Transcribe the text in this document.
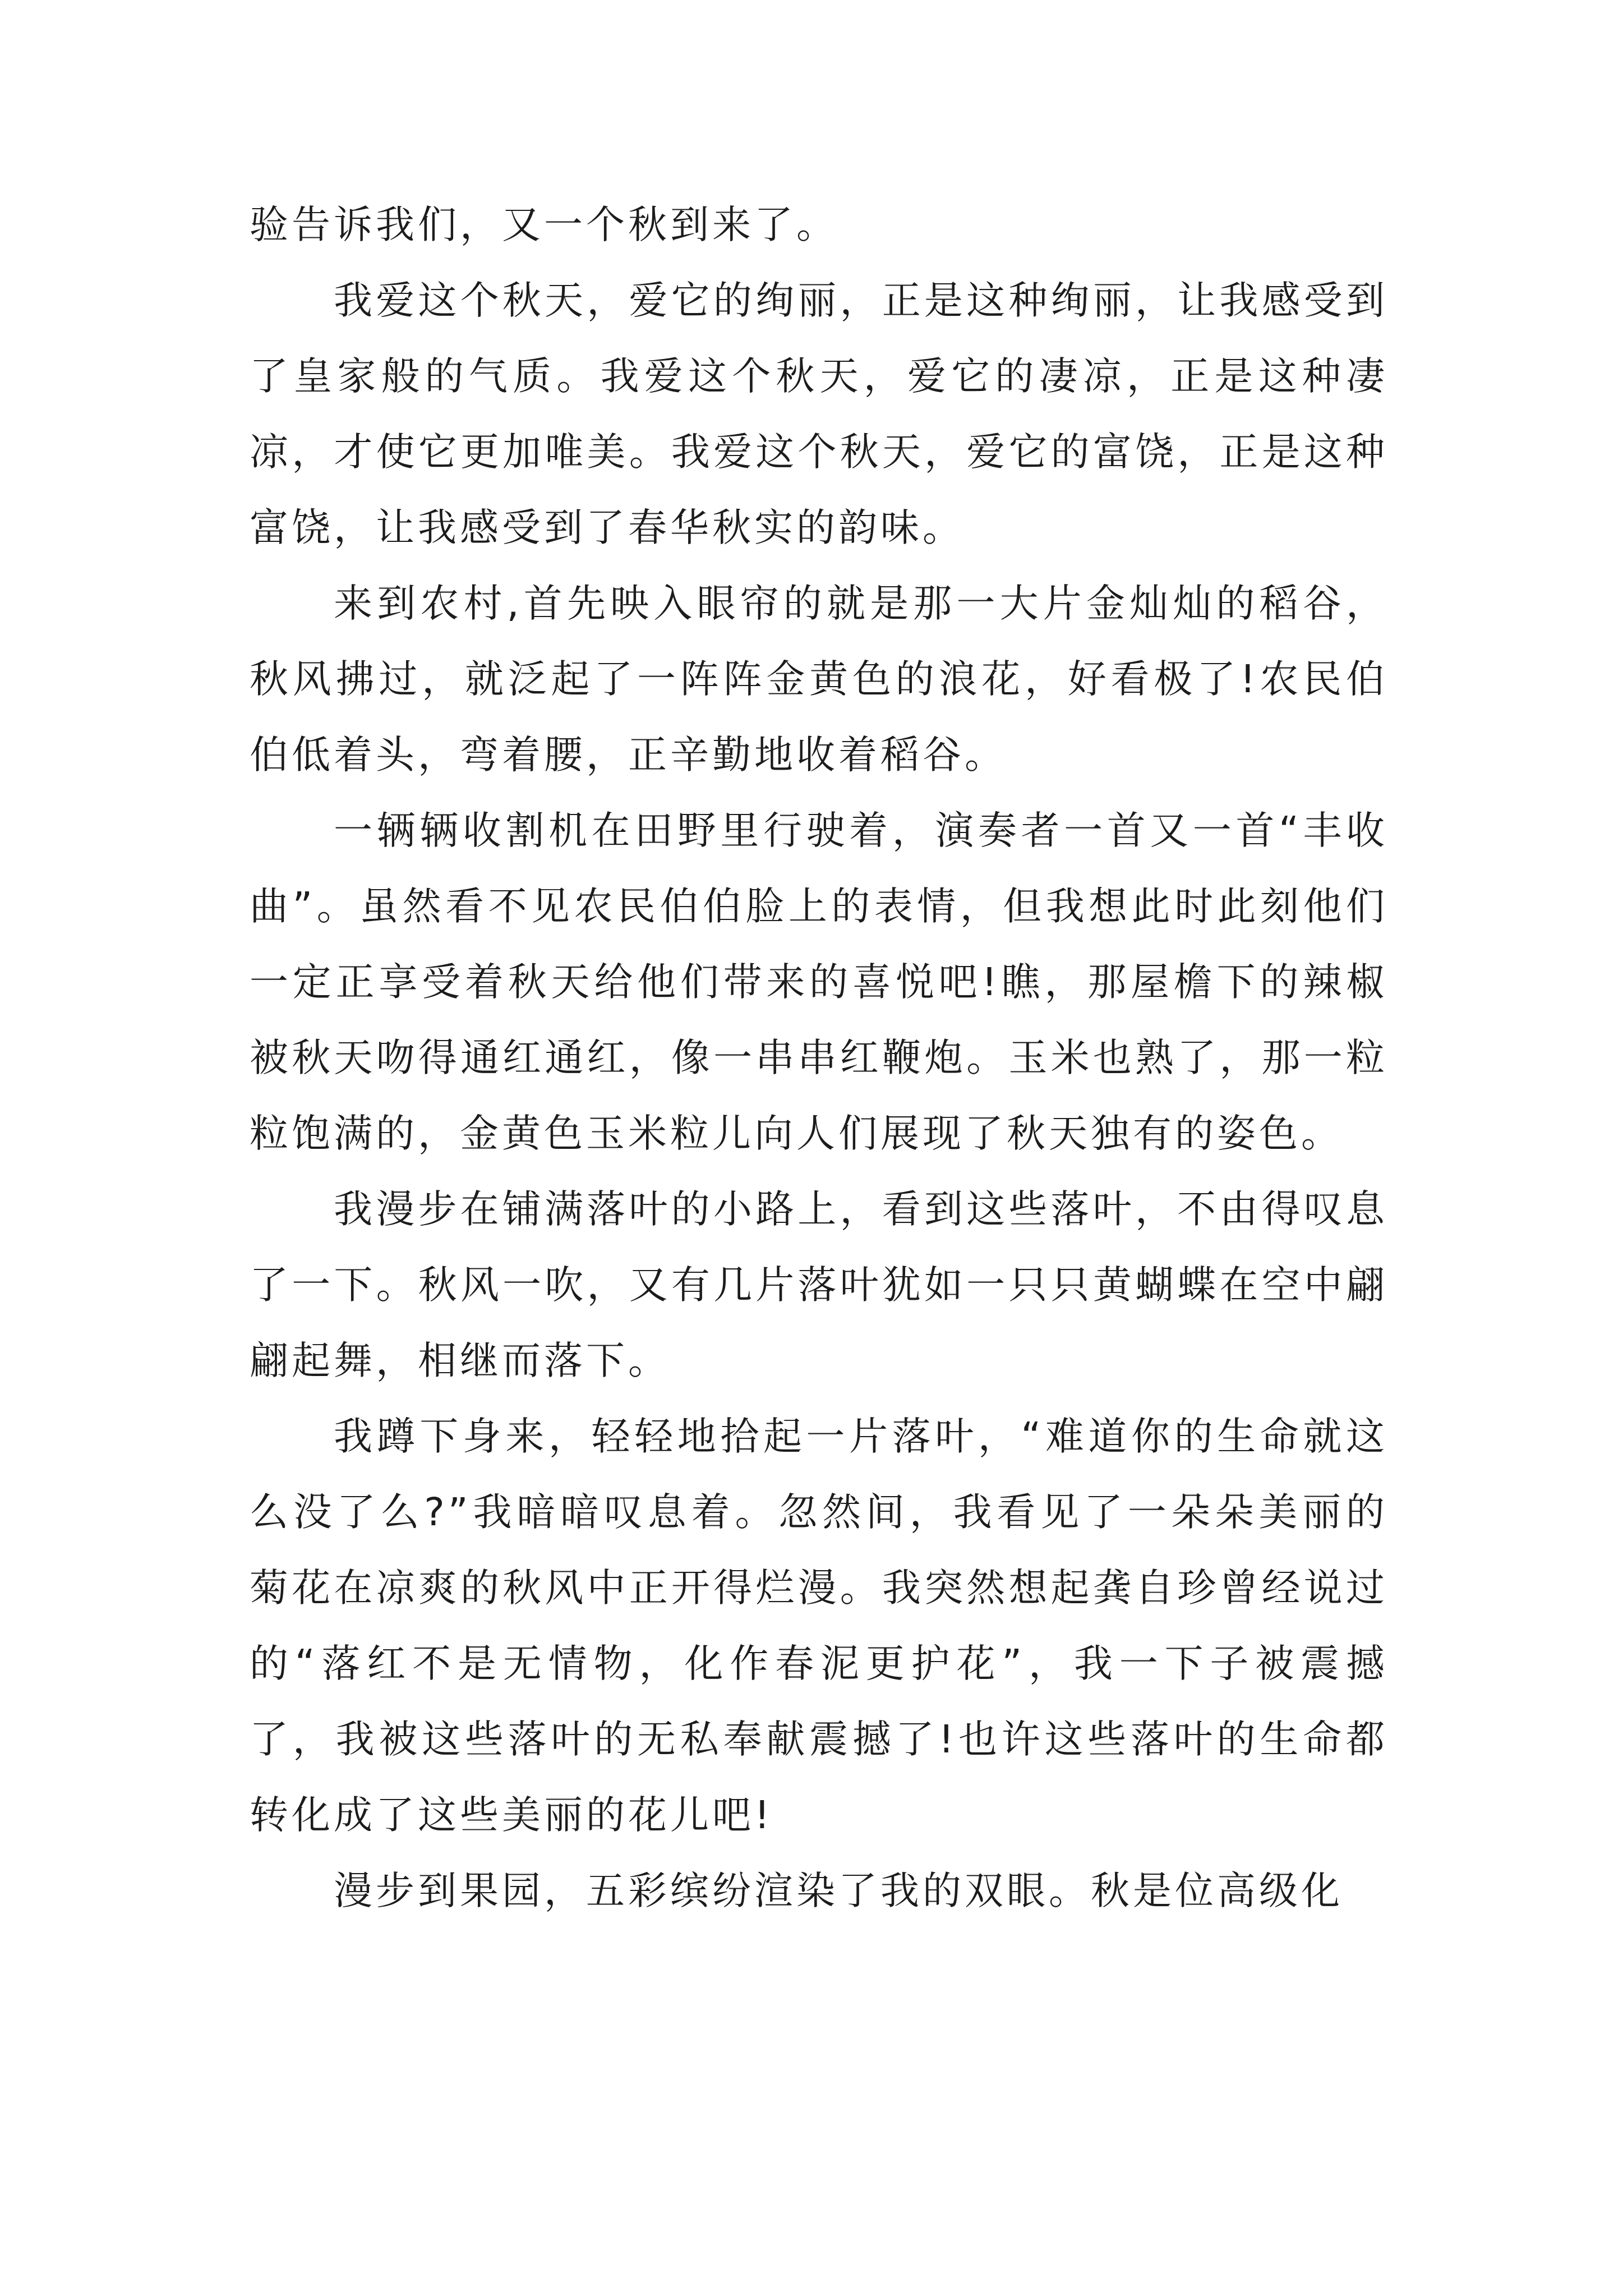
验告诉我们，又一个秋到来了。

我爱这个秋天，爱它的绚丽，正是这种绚丽，让我感受到了皇家般的气质。我爱这个秋天，爱它的凄凉，正是这种凄凉，才使它更加唯美。我爱这个秋天，爱它的富饶，正是这种富饶，让我感受到了春华秋实的韵味。

来到农村,首先映入眼帘的就是那一大片金灿灿的稻谷，秋风拂过，就泛起了一阵阵金黄色的浪花，好看极了!农民伯伯低着头，弯着腰，正辛勤地收着稻谷。

一辆辆收割机在田野里行驶着，演奏者一首又一首“丰收曲”。虽然看不见农民伯伯脸上的表情，但我想此时此刻他们一定正享受着秋天给他们带来的喜悦吧!瞧，那屋檐下的辣椒被秋天吻得通红通红，像一串串红鞭炮。玉米也熟了，那一粒粒饱满的，金黄色玉米粒儿向人们展现了秋天独有的姿色。

我漫步在铺满落叶的小路上，看到这些落叶，不由得叹息了一下。秋风一吹，又有几片落叶犹如一只只黄蝴蝶在空中翩翩起舞，相继而落下。

我蹲下身来，轻轻地拾起一片落叶，“难道你的生命就这么没了么?”我暗暗叹息着。忽然间，我看见了一朵朵美丽的菊花在凉爽的秋风中正开得烂漫。我突然想起龚自珍曾经说过的“落红不是无情物，化作春泥更护花”，我一下子被震撼了，我被这些落叶的无私奉献震撼了!也许这些落叶的生命都转化成了这些美丽的花儿吧!

漫步到果园，五彩缤纷渲染了我的双眼。秋是位高级化
